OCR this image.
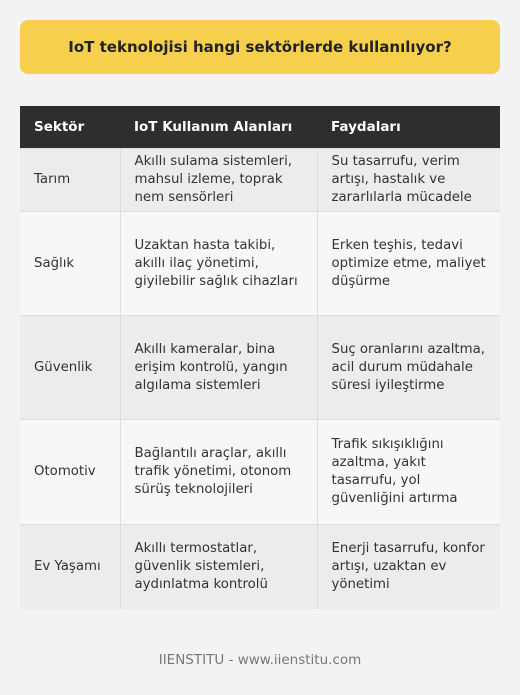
IoT teknolojisi hangi sektörlerde kullanılıyor?
Sektör	IoT Kullanım Alanları	Faydaları
Tarım	Akıllı sulama sistemleri, mahsul izleme, toprak nem sensörleri	Su tasarrufu, verim artışı, hastalık ve zararlılarla mücadele
Sağlık	Uzaktan hasta takibi, akıllı ilaç yönetimi, giyilebilir sağlık cihazları	Erken teşhis, tedavi optimize etme, maliyet düşürme
Güvenlik	Akıllı kameralar, bina erişim kontrolü, yangın algılama sistemleri	Suç oranlarını azaltma, acil durum müdahale süresi iyileştirme
Otomotiv	Bağlantılı araçlar, akıllı trafik yönetimi, otonom sürüş teknolojileri	Trafik sıkışıklığını azaltma, yakıt tasarrufu, yol güvenliğini artırma
Ev Yaşamı	Akıllı termostatlar, güvenlik sistemleri, aydınlatma kontrolü	Enerji tasarrufu, konfor artışı, uzaktan ev yönetimi
IIENSTITU - www.iienstitu.com
